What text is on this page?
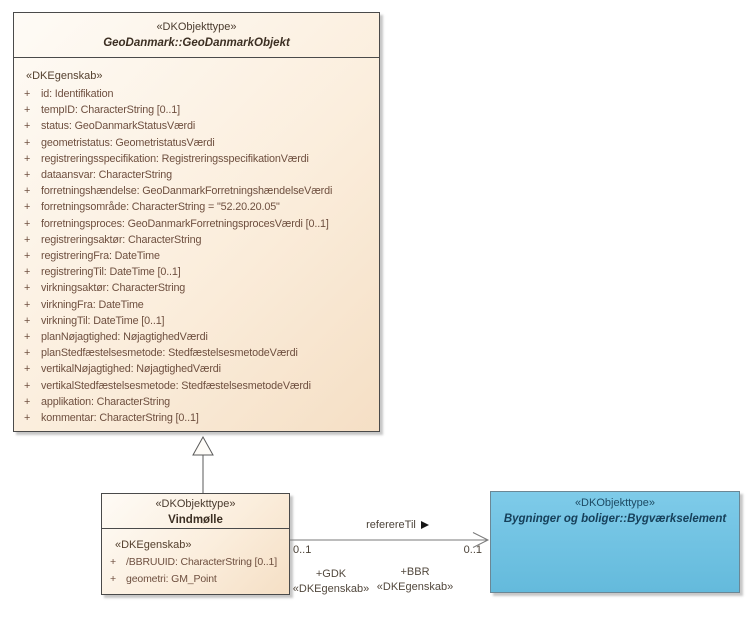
«DKObjekttype»
GeoDanmark::GeoDanmarkObjekt
«DKEgenskab»
+ id: Identifikation
+ tempID: CharacterString [0..1]
+ status: GeoDanmarkStatusVærdi
+ geometristatus: GeometristatusVærdi
+ registreringsspecifikation: RegistreringsspecifikationVærdi
+ dataansvar: CharacterString
+ forretningshændelse: GeoDanmarkForretningshændelseVærdi
+ forretningsområde: CharacterString = "52.20.20.05"
+ forretningsproces: GeoDanmarkForretningsprocesVærdi [0..1]
+ registreringsaktør: CharacterString
+ registreringFra: DateTime
+ registreringTil: DateTime [0..1]
+ virkningsaktør: CharacterString
+ virkningFra: DateTime
+ virkningTil: DateTime [0..1]
+ planNøjagtighed: NøjagtighedVærdi
+ planStedfæstelsesmetode: StedfæstelsesmetodeVærdi
+ vertikalNøjagtighed: NøjagtighedVærdi
+ vertikalStedfæstelsesmetode: StedfæstelsesmetodeVærdi
+ applikation: CharacterString
+ kommentar: CharacterString [0..1]
«DKObjekttype»
Vindmølle
«DKEgenskab»
+ /BBRUUID: CharacterString [0..1]
+ geometri: GM_Point
«DKObjekttype»
Bygninger og boliger::Bygværkselement
referereTil
0..1	0..1
+GDK
«DKEgenskab»
+BBR
«DKEgenskab»
